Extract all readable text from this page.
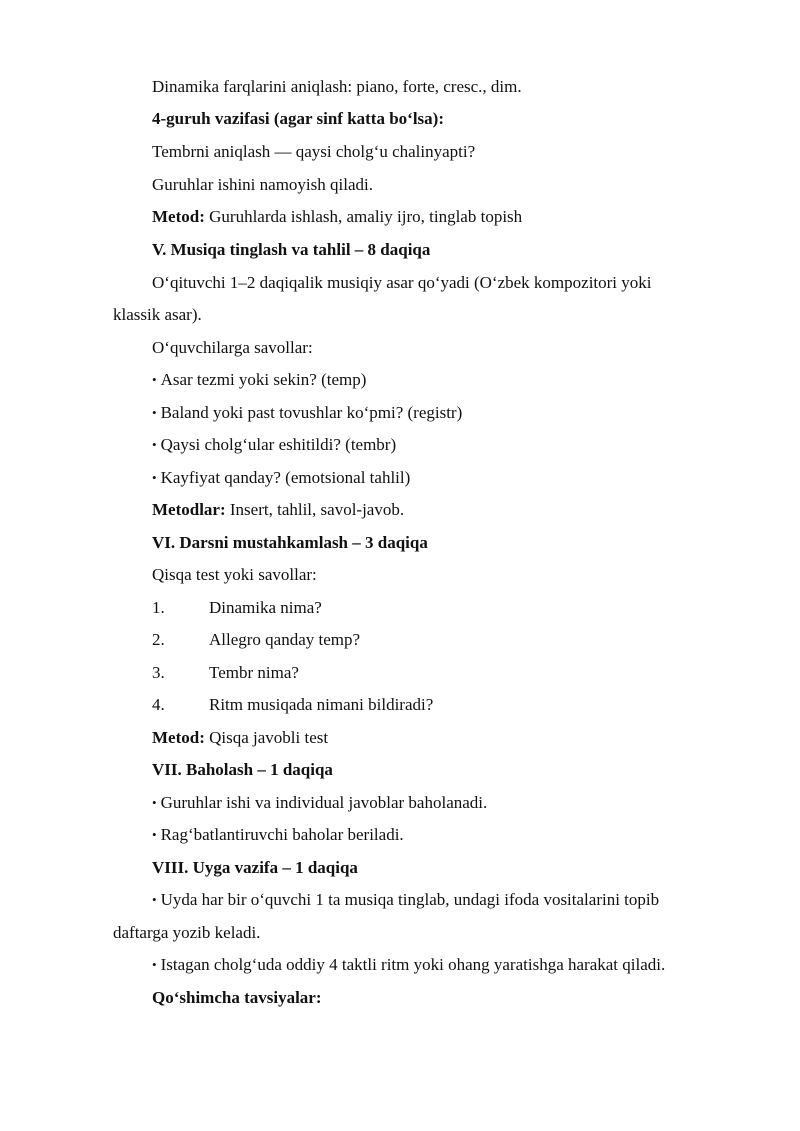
Dinamika farqlarini aniqlash: piano, forte, cresc., dim.
4-guruh vazifasi (agar sinf katta bo‘lsa):
Tembrni aniqlash — qaysi cholg‘u chalinyapti?
Guruhlar ishini namoyish qiladi.
Metod: Guruhlarda ishlash, amaliy ijro, tinglab topish
V. Musiqa tinglash va tahlil – 8 daqiqa
O‘qituvchi 1–2 daqiqalik musiqiy asar qo‘yadi (O‘zbek kompozitori yoki
klassik asar).
O‘quvchilarga savollar:
• Asar tezmi yoki sekin? (temp)
• Baland yoki past tovushlar ko‘pmi? (registr)
• Qaysi cholg‘ular eshitildi? (tembr)
• Kayfiyat qanday? (emotsional tahlil)
Metodlar: Insert, tahlil, savol-javob.
VI. Darsni mustahkamlash – 3 daqiqa
Qisqa test yoki savollar:
1.	Dinamika nima?
2.	Allegro qanday temp?
3.	Tembr nima?
4.	Ritm musiqada nimani bildiradi?
Metod: Qisqa javobli test
VII. Baholash – 1 daqiqa
• Guruhlar ishi va individual javoblar baholanadi.
• Rag‘batlantiruvchi baholar beriladi.
VIII. Uyga vazifa – 1 daqiqa
• Uyda har bir o‘quvchi 1 ta musiqa tinglab, undagi ifoda vositalarini topib
daftarga yozib keladi.
• Istagan cholg‘uda oddiy 4 taktli ritm yoki ohang yaratishga harakat qiladi.
Qo‘shimcha tavsiyalar:
